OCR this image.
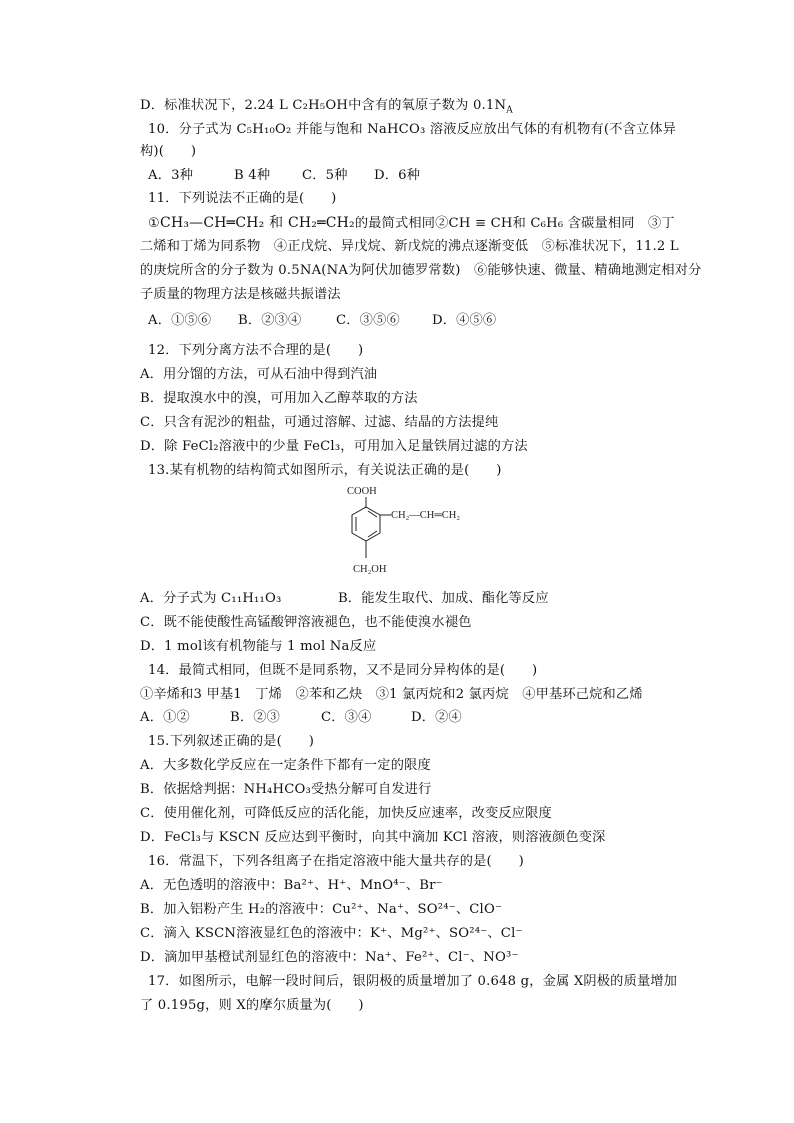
D．标准状况下，2.24 L C₂H₅OH中含有的氧原子数为 $0.1N_A$
10．分子式为 C₅H₁₀O₂ 并能与饱和 NaHCO₃ 溶液反应放出气体的有机物有(不含立体异
构)(　　)
A．3种	B 4种 C．5种 D．6种
11．下列说法不正确的是(　　)
①CH₃—CH═CH₂ 和 CH₂═CH₂的最简式相同②CH ≡ CH和 C₆H₆ 含碳量相同　③丁
二烯和丁烯为同系物　④正戊烷、异戊烷、新戊烷的沸点逐渐变低　⑤标准状况下，11.2 L
的庚烷所含的分子数为 0.5NA(NA为阿伏加德罗常数)　⑥能够快速、微量、精确地测定相对分
子质量的物理方法是核磁共振谱法
A．①⑤⑥ B．②③④	C．③⑤⑥ D．④⑤⑥
12．下列分离方法不合理的是(　　)
A．用分馏的方法，可从石油中得到汽油
B．提取溴水中的溴，可用加入乙醇萃取的方法
C．只含有泥沙的粗盐，可通过溶解、过滤、结晶的方法提纯
D．除 FeCl₂溶液中的少量 FeCl₃，可用加入足量铁屑过滤的方法
13.某有机物的结构简式如图所示，有关说法正确的是(　　)
COOH
CH₂—CH═CH₂
CH₂OH
A．分子式为 C₁₁H₁₁O₃	B．能发生取代、加成、酯化等反应
C．既不能使酸性高锰酸钾溶液褪色，也不能使溴水褪色
D．1 mol该有机物能与 1 mol Na反应
14．最简式相同，但既不是同系物，又不是同分异构体的是(　　)
①辛烯和3 甲基1　丁烯　②苯和乙炔　③1 氯丙烷和2 氯丙烷　④甲基环己烷和乙烯
A．①②	B．②③	C．③④	D．②④
15.下列叙述正确的是(　　)
A．大多数化学反应在一定条件下都有一定的限度
B．依据焓判据：NH₄HCO₃受热分解可自发进行
C．使用催化剂，可降低反应的活化能，加快反应速率，改变反应限度
D．FeCl₃与 KSCN 反应达到平衡时，向其中滴加 KCl 溶液，则溶液颜色变深
16．常温下，下列各组离子在指定溶液中能大量共存的是(　　)
A．无色透明的溶液中：Ba²⁺、H⁺、MnO⁴⁻、Br⁻
B．加入铝粉产生 H₂的溶液中：Cu²⁺、Na⁺、SO²⁴⁻、ClO⁻
C．滴入 KSCN溶液显红色的溶液中：K⁺、Mg²⁺、SO²⁴⁻、Cl⁻
D．滴加甲基橙试剂显红色的溶液中：Na⁺、Fe²⁺、Cl⁻、NO³⁻
17．如图所示，电解一段时间后，银阴极的质量增加了 0.648 g，金属 X阴极的质量增加
了 0.195g，则 X的摩尔质量为(　　)
